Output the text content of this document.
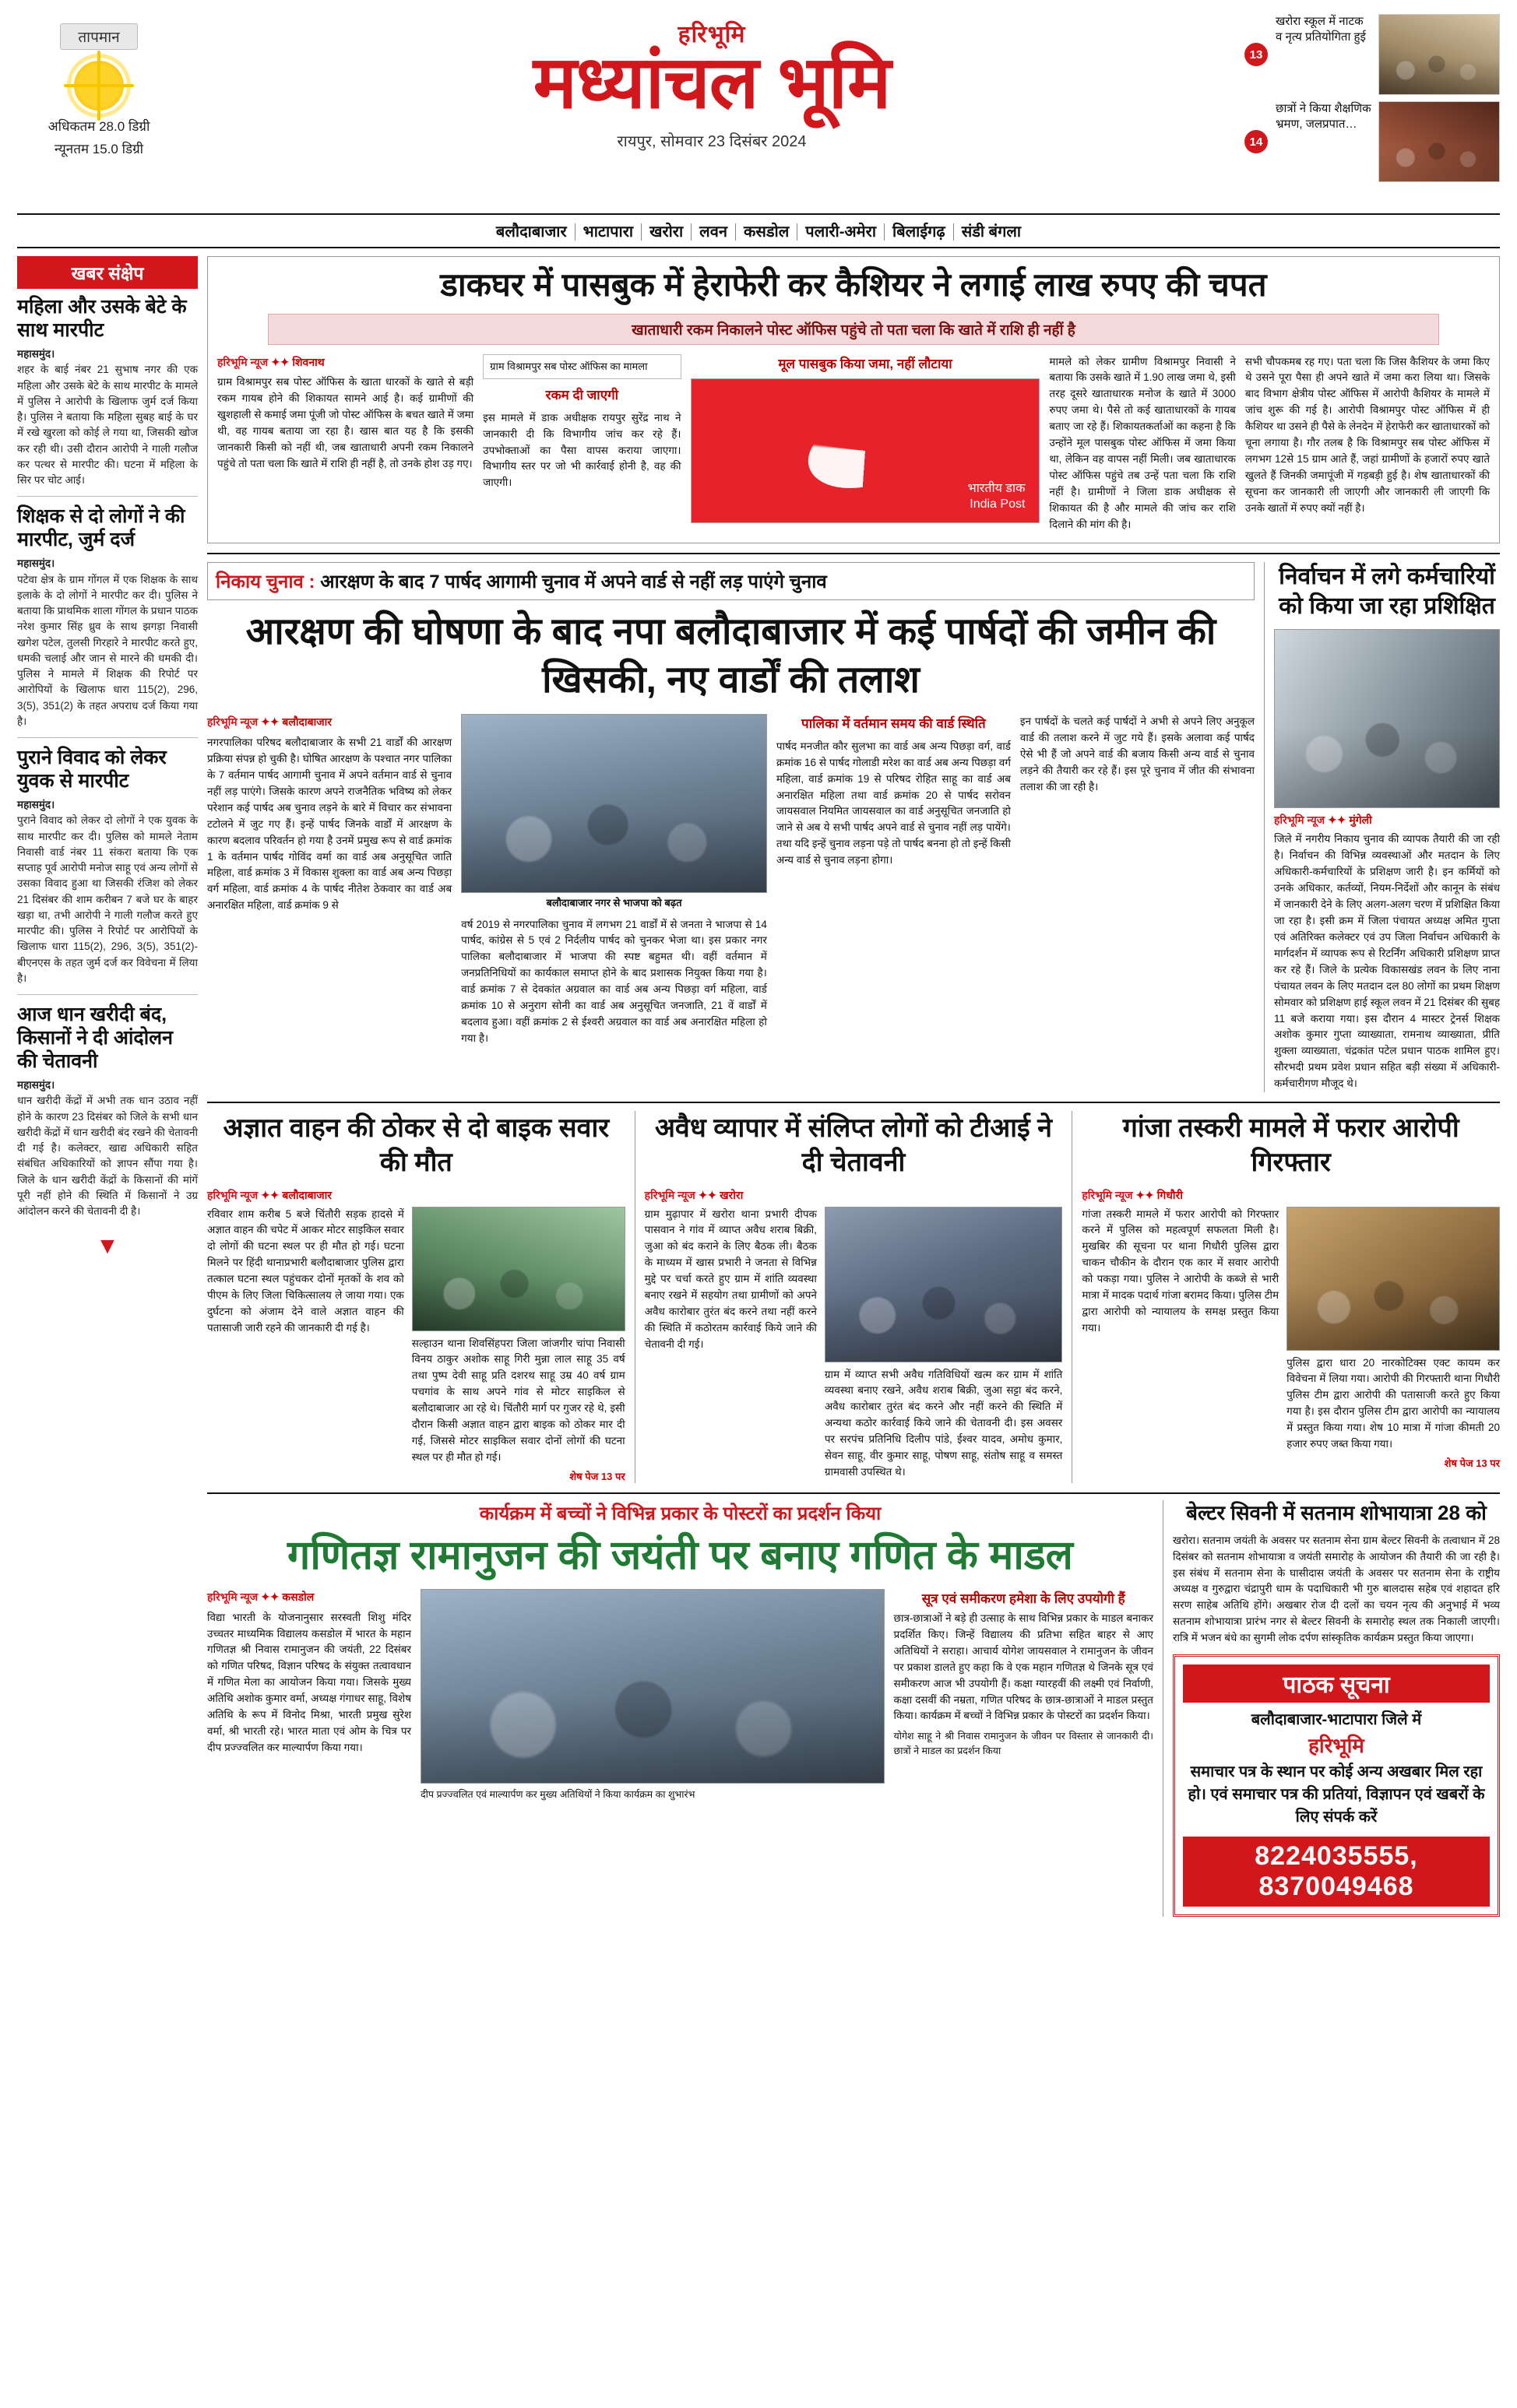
तापमान
अधिकतम 28.0 डिग्री
न्यूनतम 15.0 डिग्री
हरिभूमि
मध्यांचल भूमि
रायपुर, सोमवार 23 दिसंबर 2024
13
खरोरा स्कूल में नाटक व नृत्य प्रतियोगिता हुई
14
छात्रों ने किया शैक्षणिक भ्रमण, जलप्रपात…
बलौदाबाजार भाटापारा खरोरा लवन कसडोल पलारी-अमेरा बिलाईगढ़ संडी बंगला
खबर संक्षेप
महिला और उसके बेटे के साथ मारपीट
महासमुंद।
शहर के बाई नंबर 21 सुभाष नगर की एक महिला और उसके बेटे के साथ मारपीट के मामले में पुलिस ने आरोपी के खिलाफ जुर्म दर्ज किया है। पुलिस ने बताया कि महिला सुबह बाई के घर में रखे खुरला को कोई ले गया था, जिसकी खोज कर रही थी। उसी दौरान आरोपी ने गाली गलौज कर पत्थर से मारपीट की। घटना में महिला के सिर पर चोट आई।
शिक्षक से दो लोगों ने की मारपीट, जुर्म दर्ज
महासमुंद।
पटेवा क्षेत्र के ग्राम गोंगल में एक शिक्षक के साथ इलाके के दो लोगों ने मारपीट कर दी। पुलिस ने बताया कि प्राथमिक शाला गोंगल के प्रधान पाठक नरेश कुमार सिंह ध्रुव के साथ झगड़ा निवासी खगेश पटेल, तुलसी गिरहारे ने मारपीट करते हुए, धमकी चलाई और जान से मारने की धमकी दी। पुलिस ने मामले में शिक्षक की रिपोर्ट पर आरोपियों के खिलाफ धारा 115(2), 296, 3(5), 351(2) के तहत अपराध दर्ज किया गया है।
पुराने विवाद को लेकर युवक से मारपीट
महासमुंद।
पुराने विवाद को लेकर दो लोगों ने एक युवक के साथ मारपीट कर दी। पुलिस को मामले नेताम निवासी वार्ड नंबर 11 संकरा बताया कि एक सप्ताह पूर्व आरोपी मनोज साहू एवं अन्य लोगों से उसका विवाद हुआ था जिसकी रंजिश को लेकर 21 दिसंबर की शाम करीबन 7 बजे घर के बाहर खड़ा था, तभी आरोपी ने गाली गलौज करते हुए मारपीट की। पुलिस ने रिपोर्ट पर आरोपियों के खिलाफ धारा 115(2), 296, 3(5), 351(2)-बीएनएस के तहत जुर्म दर्ज कर विवेचना में लिया है।
आज धान खरीदी बंद, किसानों ने दी आंदोलन की चेतावनी
महासमुंद।
धान खरीदी केंद्रों में अभी तक धान उठाव नहीं होने के कारण 23 दिसंबर को जिले के सभी धान खरीदी केंद्रों में धान खरीदी बंद रखने की चेतावनी दी गई है। कलेक्टर, खाद्य अधिकारी सहित संबंधित अधिकारियों को ज्ञापन सौंपा गया है। जिले के धान खरीदी केंद्रों के किसानों की मांगें पूरी नहीं होने की स्थिति में किसानों ने उग्र आंदोलन करने की चेतावनी दी है।
▼
डाकघर में पासबुक में हेराफेरी कर कैशियर ने लगाई लाख रुपए की चपत
खाताधारी रकम निकालने पोस्ट ऑफिस पहुंचे तो पता चला कि खाते में राशि ही नहीं है
हरिभूमि न्यूज ✦✦ शिवनाथ
ग्राम विश्रामपुर सब पोस्ट ऑफिस के खाता धारकों के खाते से बड़ी रकम गायब होने की शिकायत सामने आई है। कई ग्रामीणों की खुशहाली से कमाई जमा पूंजी जो पोस्ट ऑफिस के बचत खाते में जमा थी, वह गायब बताया जा रहा है। खास बात यह है कि इसकी जानकारी किसी को नहीं थी, जब खाताधारी अपनी रकम निकालने पहुंचे तो पता चला कि खाते में राशि ही नहीं है, तो उनके होश उड़ गए।
ग्राम विश्रामपुर सब पोस्ट ऑफिस का मामला
रकम दी जाएगी
इस मामले में डाक अधीक्षक रायपुर सुरेंद्र नाथ ने जानकारी दी कि विभागीय जांच कर रहे हैं। उपभोक्ताओं का पैसा वापस कराया जाएगा। विभागीय स्तर पर जो भी कार्रवाई होनी है, वह की जाएगी।
मूल पासबुक किया जमा, नहीं लौटाया
भारतीय डाक
India Post
मामले को लेकर ग्रामीण विश्रामपुर निवासी ने बताया कि उसके खाते में 1.90 लाख जमा थे, इसी तरह दूसरे खाताधारक मनोज के खाते में 3000 रुपए जमा थे। पैसे तो कई खाताधारकों के गायब बताए जा रहे हैं। शिकायतकर्ताओं का कहना है कि उन्होंने मूल पासबुक पोस्ट ऑफिस में जमा किया था, लेकिन वह वापस नहीं मिली। जब खाताधारक पोस्ट ऑफिस पहुंचे तब उन्हें पता चला कि राशि नहीं है। ग्रामीणों ने जिला डाक अधीक्षक से शिकायत की है और मामले की जांच कर राशि दिलाने की मांग की है।
सभी चौपकमब रह गए। पता चला कि जिस कैशियर के जमा किए थे उसने पूरा पैसा ही अपने खाते में जमा करा लिया था। जिसके बाद विभाग क्षेत्रीय पोस्ट ऑफिस में आरोपी कैशियर के मामले में जांच शुरू की गई है। आरोपी विश्रामपुर पोस्ट ऑफिस में ही कैशियर था उसने ही पैसे के लेनदेन में हेराफेरी कर खाताधारकों को चूना लगाया है। गौर तलब है कि विश्रामपुर सब पोस्ट ऑफिस में लगभग 12से 15 ग्राम आते हैं, जहां ग्रामीणों के हजारों रुपए खाते खुलते हैं जिनकी जमापूंजी में गड़बड़ी हुई है। शेष खाताधारकों की सूचना कर जानकारी ली जाएगी और जानकारी ली जाएगी कि उनके खातों में रुपए क्यों नहीं है।
निकाय चुनाव : आरक्षण के बाद 7 पार्षद आगामी चुनाव में अपने वार्ड से नहीं लड़ पाएंगे चुनाव
आरक्षण की घोषणा के बाद नपा बलौदाबाजार में कई पार्षदों की जमीन की खिसकी, नए वार्डों की तलाश
हरिभूमि न्यूज ✦✦ बलौदाबाजार
नगरपालिका परिषद बलौदाबाजार के सभी 21 वार्डों की आरक्षण प्रक्रिया संपन्न हो चुकी है। घोषित आरक्षण के पश्चात नगर पालिका के 7 वर्तमान पार्षद आगामी चुनाव में अपने वर्तमान वार्ड से चुनाव नहीं लड़ पाएंगे। जिसके कारण अपने राजनैतिक भविष्य को लेकर परेशान कई पार्षद अब चुनाव लड़ने के बारे में विचार कर संभावना टटोलने में जुट गए हैं। इन्हें पार्षद जिनके वार्डों में आरक्षण के कारण बदलाव परिवर्तन हो गया है उनमें प्रमुख रूप से वार्ड क्रमांक 1 के वर्तमान पार्षद गोविंद वर्मा का वार्ड अब अनुसूचित जाति महिला, वार्ड क्रमांक 3 में विकास शुक्ला का वार्ड अब अन्य पिछड़ा वर्ग महिला, वार्ड क्रमांक 4 के पार्षद नीतेश ठेकवार का वार्ड अब अनारक्षित महिला, वार्ड क्रमांक 9 से	बलौदाबाजार नगर से भाजपा को बढ़त
वर्ष 2019 से नगरपालिका चुनाव में लगभग 21 वार्डों में से जनता ने भाजपा से 14 पार्षद, कांग्रेस से 5 एवं 2 निर्दलीय पार्षद को चुनकर भेजा था। इस प्रकार नगर पालिका बलौदाबाजार में भाजपा की स्पष्ट बहुमत थी। वहीं वर्तमान में जनप्रतिनिधियों का कार्यकाल समाप्त होने के बाद प्रशासक नियुक्त किया गया है। वार्ड क्रमांक 7 से देवकांत अग्रवाल का वार्ड अब अन्य पिछड़ा वर्ग महिला, वार्ड क्रमांक 10 से अनुराग सोनी का वार्ड अब अनुसूचित जनजाति, 21 वें वार्डों में बदलाव हुआ। वहीं क्रमांक 2 से ईश्वरी अग्रवाल का वार्ड अब अनारक्षित महिला हो गया है।
पालिका में वर्तमान समय की वार्ड स्थिति
पार्षद मनजीत कौर सुलभा का वार्ड अब अन्य पिछड़ा वर्ग, वार्ड क्रमांक 16 से पार्षद गोलाडी मरेश का वार्ड अब अन्य पिछड़ा वर्ग महिला, वार्ड क्रमांक 19 से परिषद रोहित साहू का वार्ड अब अनारक्षित महिला तथा वार्ड क्रमांक 20 से पार्षद सरोवन जायसवाल नियमित जायसवाल का वार्ड अनुसूचित जनजाति हो जाने से अब ये सभी पार्षद अपने वार्ड से चुनाव नहीं लड़ पायेंगे। तथा यदि इन्हें चुनाव लड़ना पड़े तो पार्षद बनना हो तो इन्हें किसी अन्य वार्ड से चुनाव लड़ना होगा।
इन पार्षदों के चलते कई पार्षदों ने अभी से अपने लिए अनुकूल वार्ड की तलाश करने में जुट गये हैं। इसके अलावा कई पार्षद ऐसे भी हैं जो अपने वार्ड की बजाय किसी अन्य वार्ड से चुनाव लड़ने की तैयारी कर रहे हैं। इस पूरे चुनाव में जीत की संभावना तलाश की जा रही है।
निर्वाचन में लगे कर्मचारियों को किया जा रहा प्रशिक्षित
हरिभूमि न्यूज ✦✦ मुंगेली
जिले में नगरीय निकाय चुनाव की व्यापक तैयारी की जा रही है। निर्वाचन की विभिन्न व्यवस्थाओं और मतदान के लिए अधिकारी-कर्मचारियों के प्रशिक्षण जारी है। इन कर्मियों को उनके अधिकार, कर्तव्यों, नियम-निर्देशों और कानून के संबंध में जानकारी देने के लिए अलग-अलग चरण में प्रशिक्षित किया जा रहा है। इसी क्रम में जिला पंचायत अध्यक्ष अमित गुप्ता एवं अतिरिक्त कलेक्टर एवं उप जिला निर्वाचन अधिकारी के मार्गदर्शन में व्यापक रूप से रिटर्निंग अधिकारी प्रशिक्षण प्राप्त कर रहे हैं। जिले के प्रत्येक विकासखंड लवन के लिए नाना पंचायत लवन के लिए मतदान दल 80 लोगों का प्रथम शिक्षण सोमवार को प्रशिक्षण हाई स्कूल लवन में 21 दिसंबर की सुबह 11 बजे कराया गया। इस दौरान 4 मास्टर ट्रेनर्स शिक्षक अशोक कुमार गुप्ता व्याख्याता, रामनाथ व्याख्याता, प्रीति शुक्ला व्याख्याता, चंद्रकांत पटेल प्रधान पाठक शामिल हुए। सौरभदी प्रथम प्रवेश प्रधान सहित बड़ी संख्या में अधिकारी-कर्मचारीगण मौजूद थे।
अज्ञात वाहन की ठोकर से दो बाइक सवार की मौत
हरिभूमि न्यूज ✦✦ बलौदाबाजार
रविवार शाम करीब 5 बजे चिंतौरी सड़क हादसे में अज्ञात वाहन की चपेट में आकर मोटर साइकिल सवार दो लोगों की घटना स्थल पर ही मौत हो गई। घटना मिलने पर हिंदी थानाप्रभारी बलौदाबाजार पुलिस द्वारा तत्काल घटना स्थल पहुंचकर दोनों मृतकों के शव को पीएम के लिए जिला चिकित्सालय ले जाया गया। एक दुर्घटना को अंजाम देने वाले अज्ञात वाहन की पतासाजी जारी रहने की जानकारी दी गई है।
सल्हाउन थाना शिवसिंहपरा जिला जांजगीर चांपा निवासी विनय ठाकुर अशोक साहू गिरी मुन्ना लाल साहू 35 वर्ष तथा पुष्प देवी साहू प्रति दशरथ साहू उम्र 40 वर्ष ग्राम पचगांव के साथ अपने गांव से मोटर साइकिल से बलौदाबाजार आ रहे थे। चिंतौरी मार्ग पर गुजर रहे थे, इसी दौरान किसी अज्ञात वाहन द्वारा बाइक को ठोकर मार दी गई, जिससे मोटर साइकिल सवार दोनों लोगों की घटना स्थल पर ही मौत हो गई।
शेष पेज 13 पर
अवैध व्यापार में संलिप्त लोगों को टीआई ने दी चेतावनी
हरिभूमि न्यूज ✦✦ खरोरा
ग्राम मुढ़ापार में खरोरा थाना प्रभारी दीपक पासवान ने गांव में व्याप्त अवैध शराब बिक्री, जुआ को बंद कराने के लिए बैठक ली। बैठक के माध्यम में खास प्रभारी ने जनता से विभिन्न मुद्दे पर चर्चा करते हुए ग्राम में शांति व्यवस्था बनाए रखने में सहयोग तथा ग्रामीणों को अपने अवैध कारोबार तुरंत बंद करने तथा नहीं करने की स्थिति में कठोरतम कार्रवाई किये जाने की चेतावनी दी गई।
ग्राम में व्याप्त सभी अवैध गतिविधियों खत्म कर ग्राम में शांति व्यवस्था बनाए रखने, अवैध शराब बिक्री, जुआ सट्टा बंद करने, अवैध कारोबार तुरंत बंद करने और नहीं करने की स्थिति में अन्यथा कठोर कार्रवाई किये जाने की चेतावनी दी। इस अवसर पर सरपंच प्रतिनिधि दिलीप पांडे, ईश्वर यादव, अमोध कुमार, सेवन साहू, वीर कुमार साहू, पोषण साहू, संतोष साहू व समस्त ग्रामवासी उपस्थित थे।
गांजा तस्करी मामले में फरार आरोपी गिरफ्तार
हरिभूमि न्यूज ✦✦ गिधौरी
गांजा तस्करी मामले में फरार आरोपी को गिरफ्तार करने में पुलिस को महत्वपूर्ण सफलता मिली है। मुखबिर की सूचना पर थाना गिधौरी पुलिस द्वारा चाकन चौकीन के दौरान एक कार में सवार आरोपी को पकड़ा गया। पुलिस ने आरोपी के कब्जे से भारी मात्रा में मादक पदार्थ गांजा बरामद किया। पुलिस टीम द्वारा आरोपी को न्यायालय के समक्ष प्रस्तुत किया गया।
पुलिस द्वारा धारा 20 नारकोटिक्स एक्ट कायम कर विवेचना में लिया गया। आरोपी की गिरफ्तारी थाना गिधौरी पुलिस टीम द्वारा आरोपी की पतासाजी करते हुए किया गया है। इस दौरान पुलिस टीम द्वारा आरोपी का न्यायालय में प्रस्तुत किया गया। शेष 10 मात्रा में गांजा कीमती 20 हजार रुपए जब्त किया गया।
शेष पेज 13 पर
कार्यक्रम में बच्चों ने विभिन्न प्रकार के पोस्टरों का प्रदर्शन किया
गणितज्ञ रामानुजन की जयंती पर बनाए गणित के माडल
हरिभूमि न्यूज ✦✦ कसडोल
विद्या भारती के योजनानुसार सरस्वती शिशु मंदिर उच्चतर माध्यमिक विद्यालय कसडोल में भारत के महान गणितज्ञ श्री निवास रामानुजन की जयंती, 22 दिसंबर को गणित परिषद, विज्ञान परिषद के संयुक्त तत्वावधान में गणित मेला का आयोजन किया गया। जिसके मुख्य अतिथि अशोक कुमार वर्मा, अध्यक्ष गंगाधर साहू, विशेष अतिथि के रूप में विनोद मिश्रा, भारती प्रमुख सुरेश वर्मा, श्री भारती रहे। भारत माता एवं ओम के चित्र पर दीप प्रज्ज्वलित कर माल्यार्पण किया गया।
दीप प्रज्ज्वलित एवं माल्यार्पण कर मुख्य अतिथियों ने किया कार्यक्रम का शुभारंभ
सूत्र एवं समीकरण हमेशा के लिए उपयोगी हैं
छात्र-छात्राओं ने बड़े ही उत्साह के साथ विभिन्न प्रकार के माडल बनाकर प्रदर्शित किए। जिन्हें विद्यालय की प्रतिभा सहित बाहर से आए अतिथियों ने सराहा। आचार्य योगेश जायसवाल ने रामानुजन के जीवन पर प्रकाश डालते हुए कहा कि वे एक महान गणितज्ञ थे जिनके सूत्र एवं समीकरण आज भी उपयोगी हैं। कक्षा ग्यारहवीं की लक्ष्मी एवं निर्वाणी, कक्षा दसवीं की नम्रता, गणित परिषद के छात्र-छात्राओं ने माडल प्रस्तुत किया। कार्यक्रम में बच्चों ने विभिन्न प्रकार के पोस्टरों का प्रदर्शन किया।
योगेश साहू ने श्री निवास रामानुजन के जीवन पर विस्तार से जानकारी दी। छात्रों ने माडल का प्रदर्शन किया
बेल्टर सिवनी में सतनाम शोभायात्रा 28 को
खरोरा। सतनाम जयंती के अवसर पर सतनाम सेना ग्राम बेल्टर सिवनी के तत्वाधान में 28 दिसंबर को सतनाम शोभायात्रा व जयंती समारोह के आयोजन की तैयारी की जा रही है। इस संबंध में सतनाम सेना के घासीदास जयंती के अवसर पर सतनाम सेना के राष्ट्रीय अध्यक्ष व गुरुद्वारा चंद्रापुरी धाम के पदाधिकारी भी गुरु बालदास सहेब एवं शहादत हरि सरण साहेब अतिथि होंगे। अखबार रोज दी दलों का चयन नृत्य की अनुभाई में भव्य सतनाम शोभायात्रा प्रारंभ नगर से बेल्टर सिवनी के समारोह स्थल तक निकाली जाएगी। रात्रि में भजन बंधे का सुगमी लोक दर्पण सांस्कृतिक कार्यक्रम प्रस्तुत किया जाएगा।
पाठक सूचना
बलौदाबाजार-भाटापारा जिले में
हरिभूमि
समाचार पत्र के स्थान पर कोई अन्य अखबार मिल रहा हो। एवं समाचार पत्र की प्रतियां, विज्ञापन एवं खबरों के लिए संपर्क करें
8224035555, 8370049468
